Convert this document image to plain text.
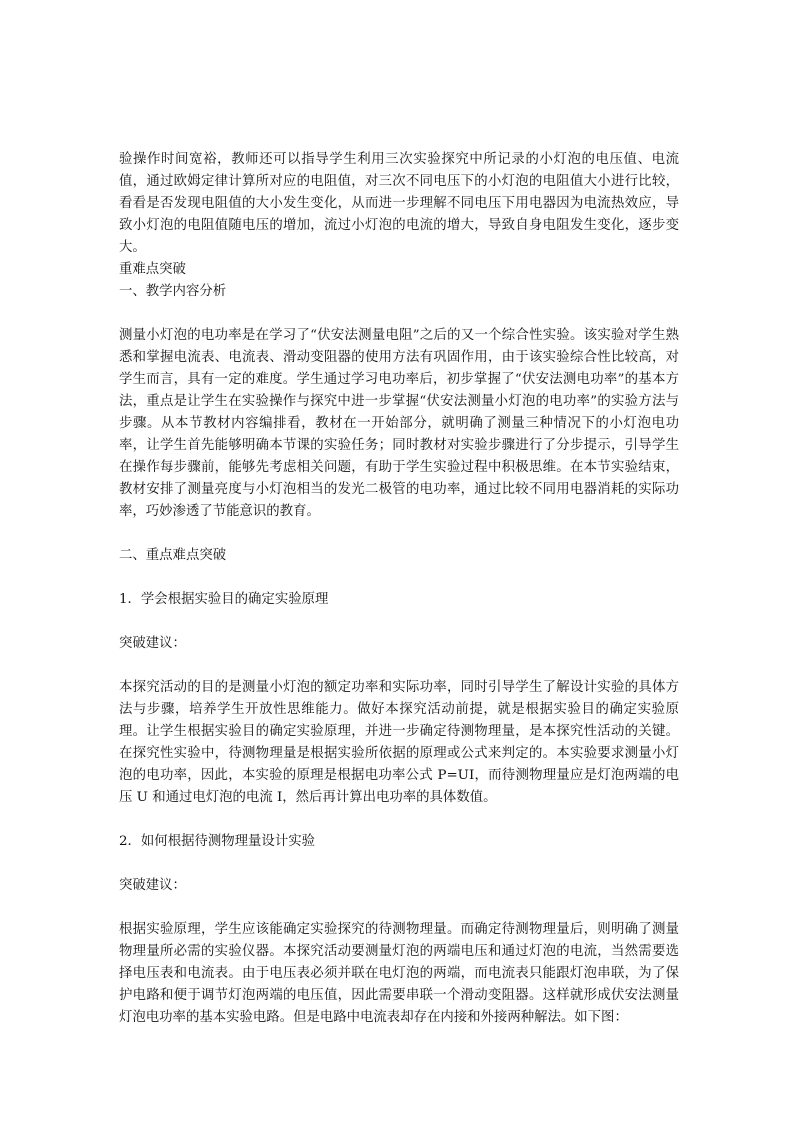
验操作时间宽裕，教师还可以指导学生利用三次实验探究中所记录的小灯泡的电压值、电流值，通过欧姆定律计算所对应的电阻值，对三次不同电压下的小灯泡的电阻值大小进行比较，看看是否发现电阻值的大小发生变化，从而进一步理解不同电压下用电器因为电流热效应，导致小灯泡的电阻值随电压的增加，流过小灯泡的电流的增大，导致自身电阻发生变化，逐步变大。

重难点突破

一、教学内容分析

测量小灯泡的电功率是在学习了“伏安法测量电阻”之后的又一个综合性实验。该实验对学生熟悉和掌握电流表、电流表、滑动变阻器的使用方法有巩固作用，由于该实验综合性比较高，对学生而言，具有一定的难度。学生通过学习电功率后，初步掌握了“伏安法测电功率”的基本方法，重点是让学生在实验操作与探究中进一步掌握“伏安法测量小灯泡的电功率”的实验方法与步骤。从本节教材内容编排看，教材在一开始部分，就明确了测量三种情况下的小灯泡电功率，让学生首先能够明确本节课的实验任务；同时教材对实验步骤进行了分步提示，引导学生在操作每步骤前，能够先考虑相关问题，有助于学生实验过程中积极思维。在本节实验结束，教材安排了测量亮度与小灯泡相当的发光二极管的电功率，通过比较不同用电器消耗的实际功率，巧妙渗透了节能意识的教育。

二、重点难点突破

1．学会根据实验目的确定实验原理

突破建议：

本探究活动的目的是测量小灯泡的额定功率和实际功率，同时引导学生了解设计实验的具体方法与步骤，培养学生开放性思维能力。做好本探究活动前提，就是根据实验目的确定实验原理。让学生根据实验目的确定实验原理，并进一步确定待测物理量，是本探究性活动的关键。在探究性实验中，待测物理量是根据实验所依据的原理或公式来判定的。本实验要求测量小灯泡的电功率，因此，本实验的原理是根据电功率公式 P=UI，而待测物理量应是灯泡两端的电压 U 和通过电灯泡的电流 I，然后再计算出电功率的具体数值。

2．如何根据待测物理量设计实验

突破建议：

根据实验原理，学生应该能确定实验探究的待测物理量。而确定待测物理量后，则明确了测量物理量所必需的实验仪器。本探究活动要测量灯泡的两端电压和通过灯泡的电流，当然需要选择电压表和电流表。由于电压表必须并联在电灯泡的两端，而电流表只能跟灯泡串联，为了保护电路和便于调节灯泡两端的电压值，因此需要串联一个滑动变阻器。这样就形成伏安法测量灯泡电功率的基本实验电路。但是电路中电流表却存在内接和外接两种解法。如下图：
